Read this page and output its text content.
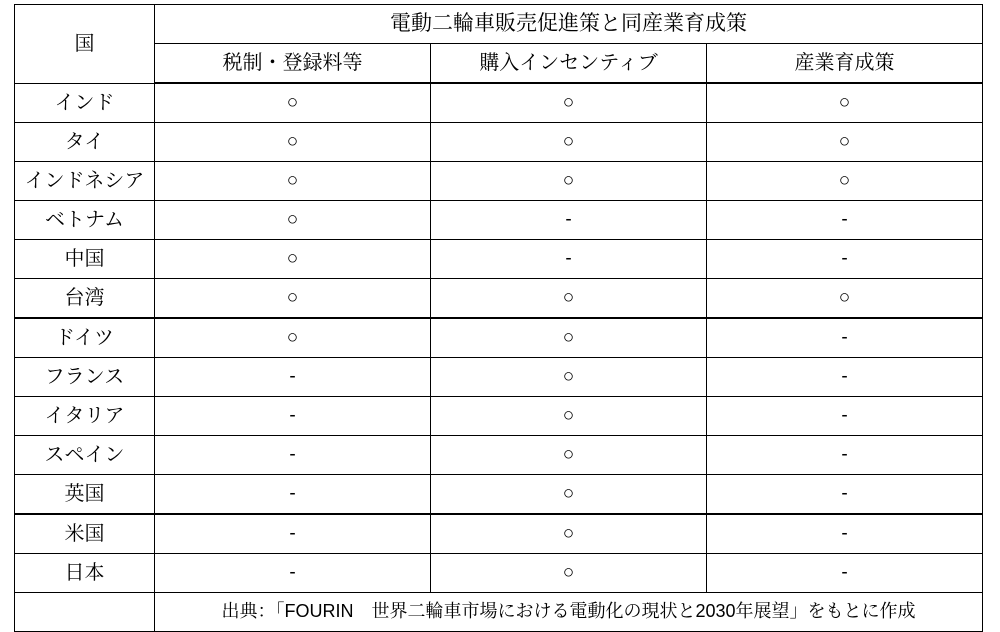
国	電動二輪車販売促進策と同産業育成策		
	税制・登録料等	購入インセンティブ	産業育成策
インド	○	○	○
タイ	○	○	○
インドネシア	○	○	○
ベトナム	○	-	-
中国	○	-	-
台湾	○	○	○
ドイツ	○	○	-
フランス	-	○	-
イタリア	-	○	-
スペイン	-	○	-
英国	-	○	-
米国	-	○	-
日本	-	○	-
	出典：「FOURIN　世界二輪車市場における電動化の現状と2030年展望」をもとに作成		
